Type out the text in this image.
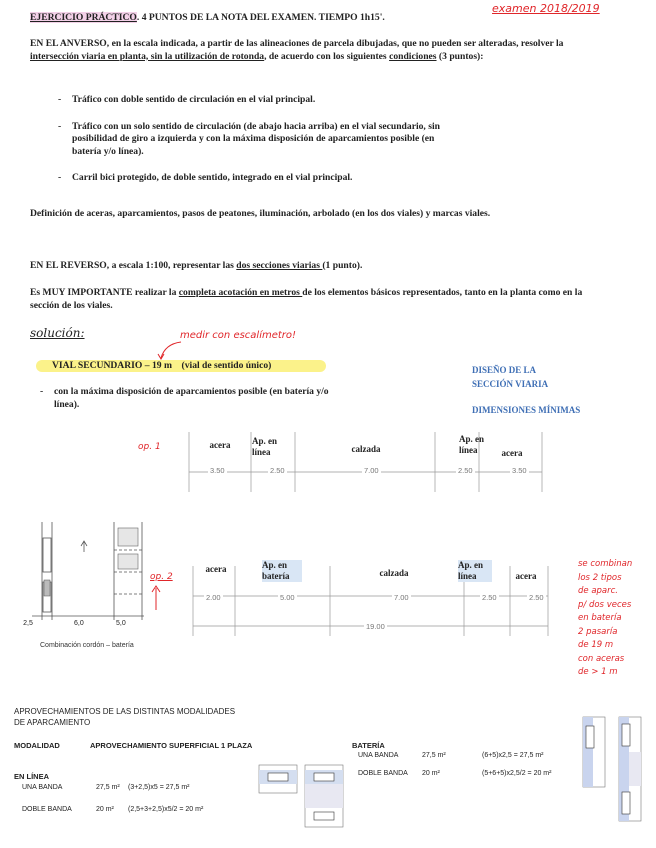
EJERCICIO PRÁCTICO. 4 PUNTOS DE LA NOTA DEL EXAMEN. TIEMPO 1h15'.
examen 2018/2019
EN EL ANVERSO, en la escala indicada, a partir de las alineaciones de parcela dibujadas, que no pueden ser alteradas, resolver la intersección viaria en planta, sin la utilización de rotonda, de acuerdo con los siguientes condiciones (3 puntos):
- Tráfico con doble sentido de circulación en el vial principal.
- Tráfico con un solo sentido de circulación (de abajo hacia arriba) en el vial secundario, sin posibilidad de giro a izquierda y con la máxima disposición de aparcamientos posible (en batería y/o línea).
- Carril bici protegido, de doble sentido, integrado en el vial principal.
Definición de aceras, aparcamientos, pasos de peatones, iluminación, arbolado (en los dos viales) y marcas viales.
EN EL REVERSO, a escala 1:100, representar las dos secciones viarias (1 punto).
Es MUY IMPORTANTE realizar la completa acotación en metros de los elementos básicos representados, tanto en la planta como en la sección de los viales.
solución:	medir con escalímetro!
VIAL SECUNDARIO – 19 m (vial de sentido único)
- con la máxima disposición de aparcamientos posible (en batería y/o línea).
DISEÑO DE LA
SECCIÓN VIARIA
DIMENSIONES MÍNIMAS
op. 1	acera	Ap. en línea	calzada
Ap. en línea	acera
3.50	2.50	7.00	2.50	3.50
2,5	6,0	5,0
Combinación cordón – batería
op. 2
acera	Ap. en batería	calzada
Ap. en línea	acera
2.00	5.00	7.00	2.50	2.50
19.00
se combinan
los 2 tipos
de aparc.
p/ dos veces
en batería
2 pasaría
de 19 m
con aceras
de > 1 m
APROVECHAMIENTOS DE LAS DISTINTAS MODALIDADES
DE APARCAMIENTO
MODALIDAD	APROVECHAMIENTO SUPERFICIAL 1 PLAZA
EN LÍNEA
UNA BANDA	27,5 m² (3+2,5)x5 = 27,5 m²
DOBLE BANDA	20 m² (2,5+3+2,5)x5/2 = 20 m²
BATERÍA
UNA BANDA	27,5 m²	(6+5)x2,5 = 27,5 m²
DOBLE BANDA 20 m²	(5+6+5)x2,5/2 = 20 m²
